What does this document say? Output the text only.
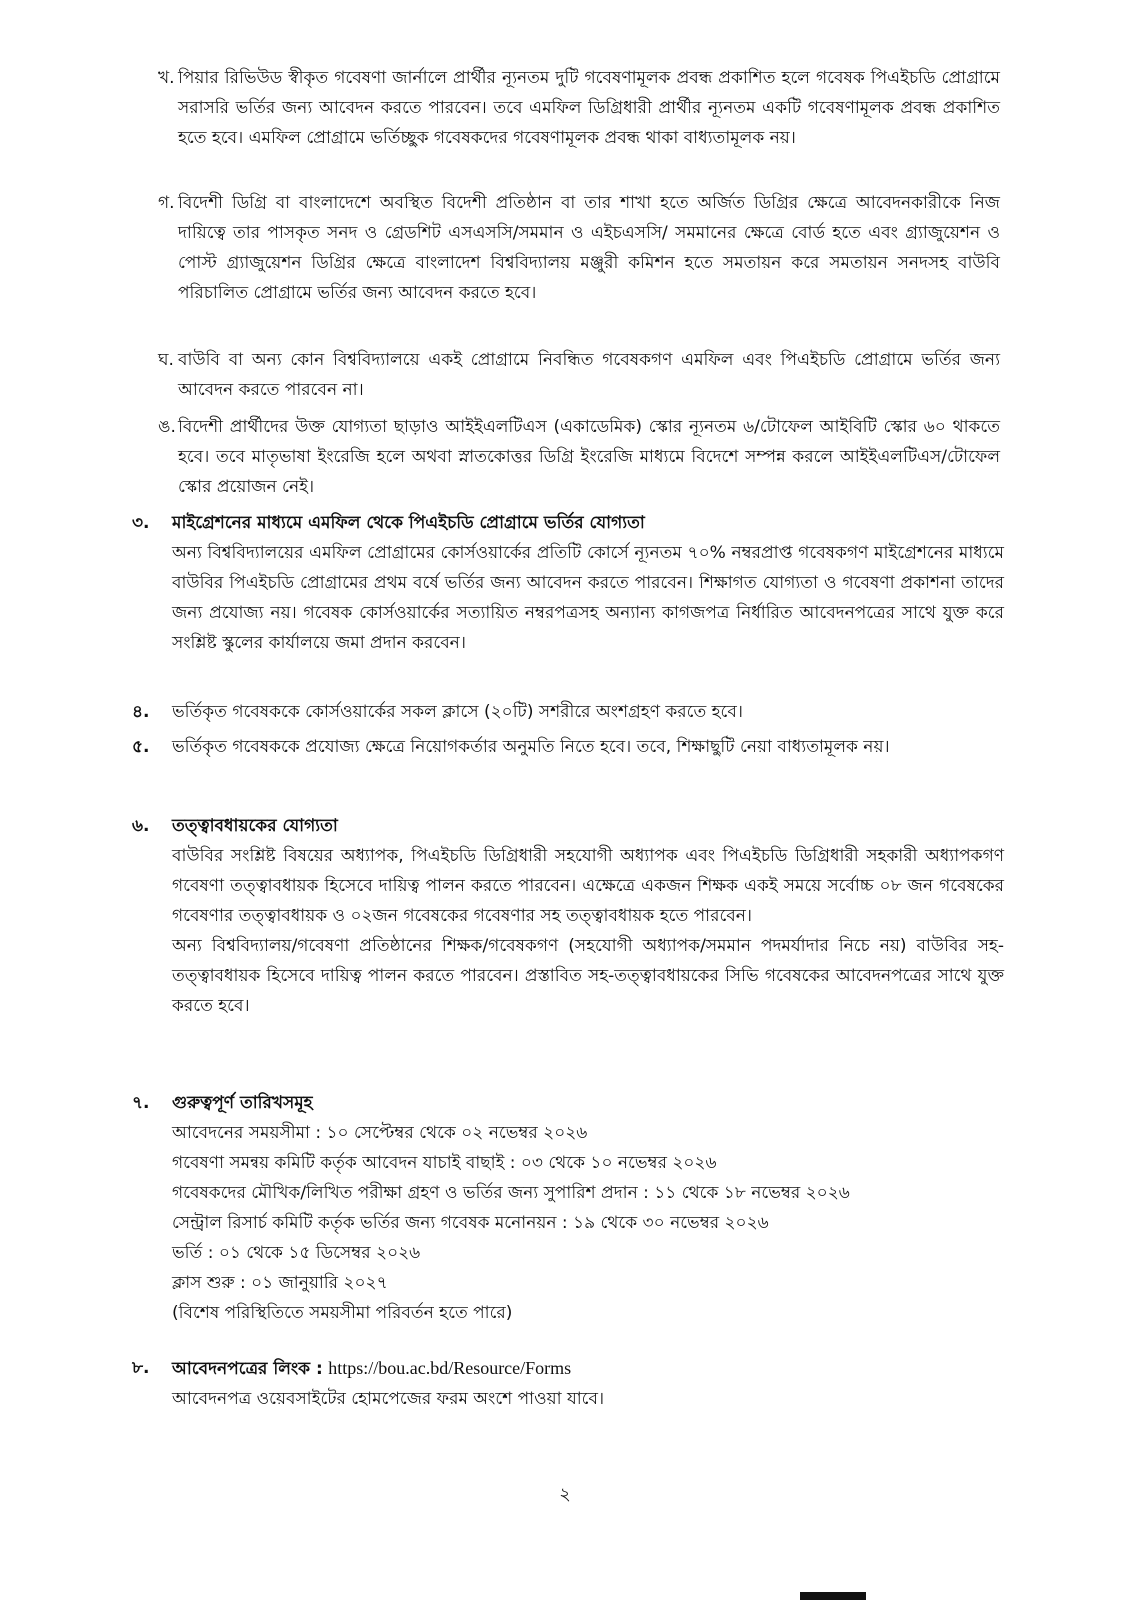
খ. পিয়ার রিভিউড স্বীকৃত গবেষণা জার্নালে প্রার্থীর ন্যূনতম দুটি গবেষণামূলক প্রবন্ধ প্রকাশিত হলে গবেষক পিএইচডি প্রোগ্রামে সরাসরি ভর্তির জন্য আবেদন করতে পারবেন। তবে এমফিল ডিগ্রিধারী প্রার্থীর ন্যূনতম একটি গবেষণামূলক প্রবন্ধ প্রকাশিত হতে হবে। এমফিল প্রোগ্রামে ভর্তিচ্ছুক গবেষকদের গবেষণামূলক প্রবন্ধ থাকা বাধ্যতামূলক নয়।
গ. বিদেশী ডিগ্রি বা বাংলাদেশে অবস্থিত বিদেশী প্রতিষ্ঠান বা তার শাখা হতে অর্জিত ডিগ্রির ক্ষেত্রে আবেদনকারীকে নিজ দায়িত্বে তার পাসকৃত সনদ ও গ্রেডশিট এসএসসি/সমমান ও এইচএসসি/ সমমানের ক্ষেত্রে বোর্ড হতে এবং গ্র্যাজুয়েশন ও পোস্ট গ্র্যাজুয়েশন ডিগ্রির ক্ষেত্রে বাংলাদেশ বিশ্ববিদ্যালয় মঞ্জুরী কমিশন হতে সমতায়ন করে সমতায়ন সনদসহ বাউবি পরিচালিত প্রোগ্রামে ভর্তির জন্য আবেদন করতে হবে।
ঘ. বাউবি বা অন্য কোন বিশ্ববিদ্যালয়ে একই প্রোগ্রামে নিবন্ধিত গবেষকগণ এমফিল এবং পিএইচডি প্রোগ্রামে ভর্তির জন্য আবেদন করতে পারবেন না।
ঙ. বিদেশী প্রার্থীদের উক্ত যোগ্যতা ছাড়াও আইইএলটিএস (একাডেমিক) স্কোর ন্যূনতম ৬/টোফেল আইবিটি স্কোর ৬০ থাকতে হবে। তবে মাতৃভাষা ইংরেজি হলে অথবা স্নাতকোত্তর ডিগ্রি ইংরেজি মাধ্যমে বিদেশে সম্পন্ন করলে আইইএলটিএস/টোফেল স্কোর প্রয়োজন নেই।
৩.	মাইগ্রেশনের মাধ্যমে এমফিল থেকে পিএইচডি প্রোগ্রামে ভর্তির যোগ্যতা
অন্য বিশ্ববিদ্যালয়ের এমফিল প্রোগ্রামের কোর্সওয়ার্কের প্রতিটি কোর্সে ন্যূনতম ৭০% নম্বরপ্রাপ্ত গবেষকগণ মাইগ্রেশনের মাধ্যমে বাউবির পিএইচডি প্রোগ্রামের প্রথম বর্ষে ভর্তির জন্য আবেদন করতে পারবেন। শিক্ষাগত যোগ্যতা ও গবেষণা প্রকাশনা তাদের জন্য প্রযোজ্য নয়। গবেষক কোর্সওয়ার্কের সত্যায়িত নম্বরপত্রসহ অন্যান্য কাগজপত্র নির্ধারিত আবেদনপত্রের সাথে যুক্ত করে সংশ্লিষ্ট স্কুলের কার্যালয়ে জমা প্রদান করবেন।
৪.	ভর্তিকৃত গবেষককে কোর্সওয়ার্কের সকল ক্লাসে (২০টি) সশরীরে অংশগ্রহণ করতে হবে।
৫.	ভর্তিকৃত গবেষককে প্রযোজ্য ক্ষেত্রে নিয়োগকর্তার অনুমতি নিতে হবে। তবে, শিক্ষাছুটি নেয়া বাধ্যতামূলক নয়।
৬.	তত্ত্বাবধায়কের যোগ্যতা
বাউবির সংশ্লিষ্ট বিষয়ের অধ্যাপক, পিএইচডি ডিগ্রিধারী সহযোগী অধ্যাপক এবং পিএইচডি ডিগ্রিধারী সহকারী অধ্যাপকগণ গবেষণা তত্ত্বাবধায়ক হিসেবে দায়িত্ব পালন করতে পারবেন। এক্ষেত্রে একজন শিক্ষক একই সময়ে সর্বোচ্চ ০৮ জন গবেষকের গবেষণার তত্ত্বাবধায়ক ও ০২জন গবেষকের গবেষণার সহ তত্ত্বাবধায়ক হতে পারবেন।
অন্য বিশ্ববিদ্যালয়/গবেষণা প্রতিষ্ঠানের শিক্ষক/গবেষকগণ (সহযোগী অধ্যাপক/সমমান পদমর্যাদার নিচে নয়) বাউবির সহ-তত্ত্বাবধায়ক হিসেবে দায়িত্ব পালন করতে পারবেন। প্রস্তাবিত সহ-তত্ত্বাবধায়কের সিভি গবেষকের আবেদনপত্রের সাথে যুক্ত করতে হবে।
৭.	গুরুত্বপূর্ণ তারিখসমূহ
আবেদনের সময়সীমা : ১০ সেপ্টেম্বর থেকে ০২ নভেম্বর ২০২৬
গবেষণা সমন্বয় কমিটি কর্তৃক আবেদন যাচাই বাছাই : ০৩ থেকে ১০ নভেম্বর ২০২৬
গবেষকদের মৌখিক/লিখিত পরীক্ষা গ্রহণ ও ভর্তির জন্য সুপারিশ প্রদান : ১১ থেকে ১৮ নভেম্বর ২০২৬
সেন্ট্রাল রিসার্চ কমিটি কর্তৃক ভর্তির জন্য গবেষক মনোনয়ন : ১৯ থেকে ৩০ নভেম্বর ২০২৬
ভর্তি : ০১ থেকে ১৫ ডিসেম্বর ২০২৬
ক্লাস শুরু : ০১ জানুয়ারি ২০২৭
(বিশেষ পরিস্থিতিতে সময়সীমা পরিবর্তন হতে পারে)
৮.	আবেদনপত্রের লিংক : https://bou.ac.bd/Resource/Forms
আবেদনপত্র ওয়েবসাইটের হোমপেজের ফরম অংশে পাওয়া যাবে।
২
